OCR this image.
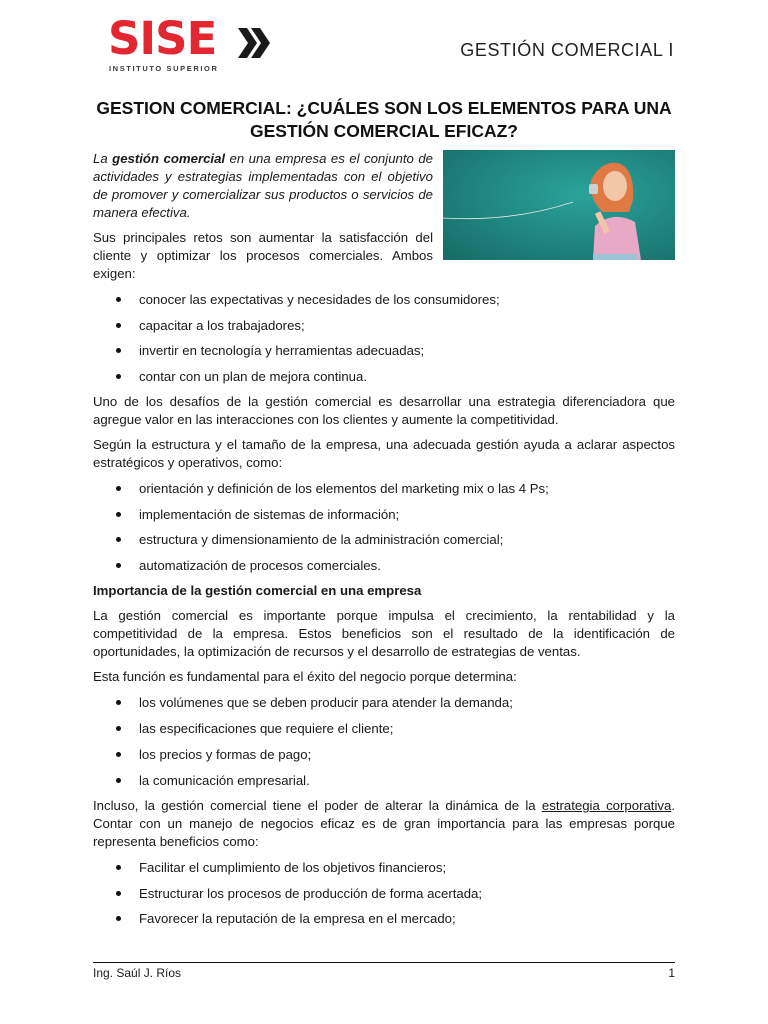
SISE
INSTITUTO SUPERIOR
GESTIÓN COMERCIAL I
GESTION COMERCIAL: ¿CUÁLES SON LOS ELEMENTOS PARA UNA
GESTIÓN COMERCIAL EFICAZ?

La gestión comercial en una empresa es el conjunto de actividades y estrategias implementadas con el objetivo de promover y comercializar sus productos o servicios de manera efectiva.

Sus principales retos son aumentar la satisfacción del cliente y optimizar los procesos comerciales. Ambos exigen:

conocer las expectativas y necesidades de los consumidores;
capacitar a los trabajadores;
invertir en tecnología y herramientas adecuadas;
contar con un plan de mejora continua.

Uno de los desafíos de la gestión comercial es desarrollar una estrategia diferenciadora que agregue valor en las interacciones con los clientes y aumente la competitividad.

Según la estructura y el tamaño de la empresa, una adecuada gestión ayuda a aclarar aspectos estratégicos y operativos, como:

orientación y definición de los elementos del marketing mix o las 4 Ps;
implementación de sistemas de información;
estructura y dimensionamiento de la administración comercial;
automatización de procesos comerciales.
Importancia de la gestión comercial en una empresa

La gestión comercial es importante porque impulsa el crecimiento, la rentabilidad y la competitividad de la empresa. Estos beneficios son el resultado de la identificación de oportunidades, la optimización de recursos y el desarrollo de estrategias de ventas.

Esta función es fundamental para el éxito del negocio porque determina:

los volúmenes que se deben producir para atender la demanda;
las especificaciones que requiere el cliente;
los precios y formas de pago;
la comunicación empresarial.

Incluso, la gestión comercial tiene el poder de alterar la dinámica de la estrategia corporativa. Contar con un manejo de negocios eficaz es de gran importancia para las empresas porque representa beneficios como:

Facilitar el cumplimiento de los objetivos financieros;
Estructurar los procesos de producción de forma acertada;
Favorecer la reputación de la empresa en el mercado;
Ing. Saúl J. Ríos	1
